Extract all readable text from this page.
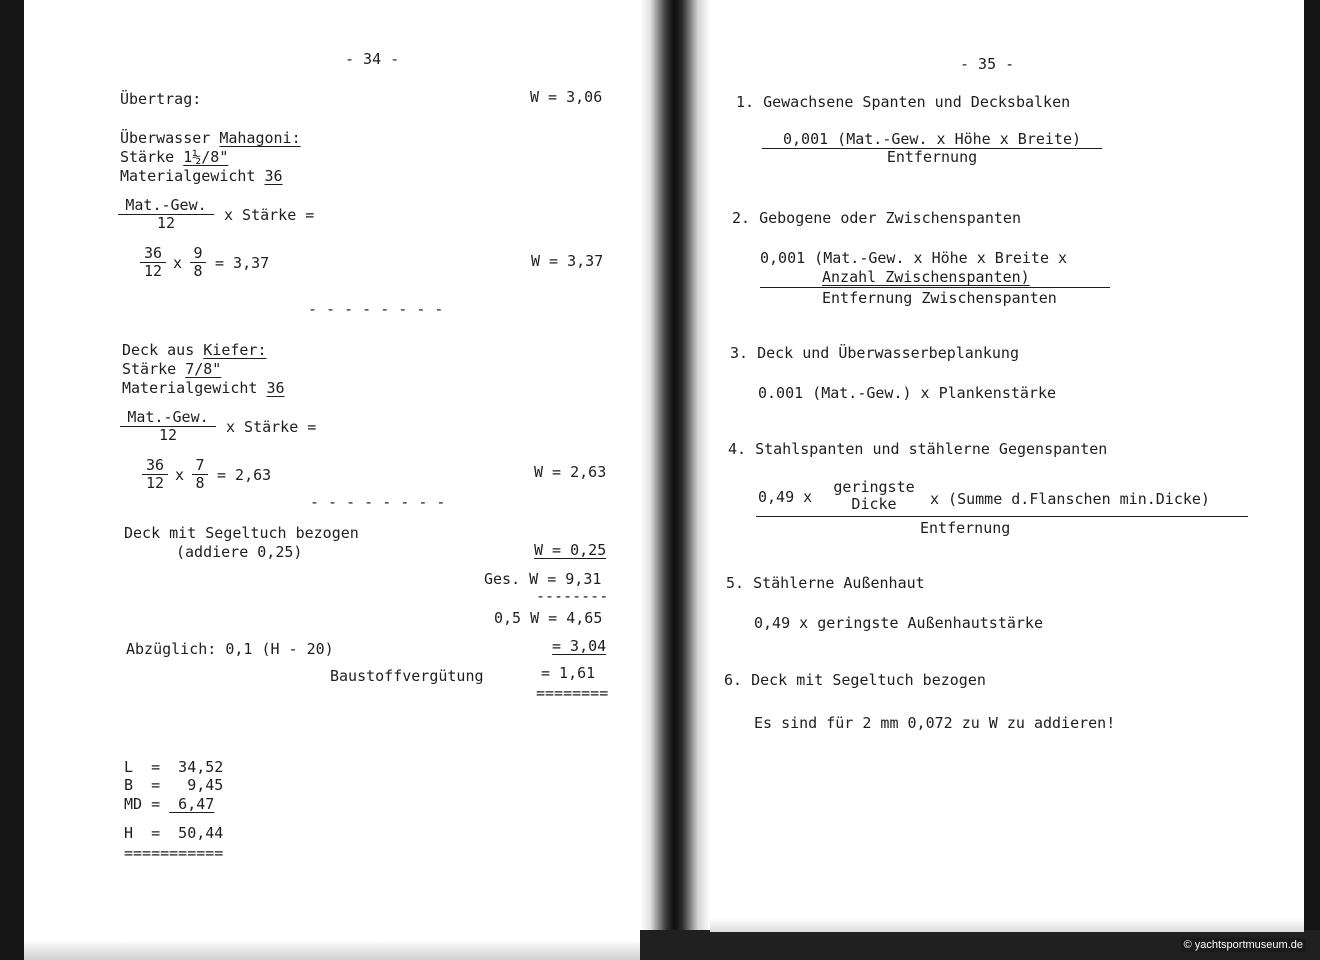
- 34 -
Übertrag:	W = 3,06
Überwasser Mahagoni:
Stärke 1½/8"
Materialgewicht 36
Mat.-Gew.
12	x Stärke =
$\frac{36}{12}$ x $\frac{9}{8} = 3,37$	W = 3,37
- - - - - - - -
Deck aus Kiefer:
Stärke 7/8"
Materialgewicht 36
Mat.-Gew.
12	x Stärke =
$\frac{36}{12}$ x $\frac{7}{8} = 2,63$	W = 2,63
- - - - - - - -
Deck mit Segeltuch bezogen
(addiere 0,25)	W = 0,25
Ges. W = 9,31
--------
0,5 W = 4,65
Abzüglich: 0,1 (H - 20)	= 3,04
Baustoffvergütung	= 1,61
========
L  =  34,52
B  =   9,45
MD =  6,47
H  =  50,44
===========
- 35 -
1. Gewachsene Spanten und Decksbalken
0,001 (Mat.-Gew. x Höhe x Breite)
Entfernung
2. Gebogene oder Zwischenspanten
0,001 (Mat.-Gew. x Höhe x Breite x
Anzahl Zwischenspanten)
Entfernung Zwischenspanten
3. Deck und Überwasserbeplankung
0.001 (Mat.-Gew.) x Plankenstärke
4. Stahlspanten und stählerne Gegenspanten
0,49 x
geringste
Dicke	x (Summe d.Flanschen min.Dicke)
Entfernung
5. Stählerne Außenhaut
0,49 x geringste Außenhautstärke
6. Deck mit Segeltuch bezogen
Es sind für 2 mm 0,072 zu W zu addieren!
© yachtsportmuseum.de
